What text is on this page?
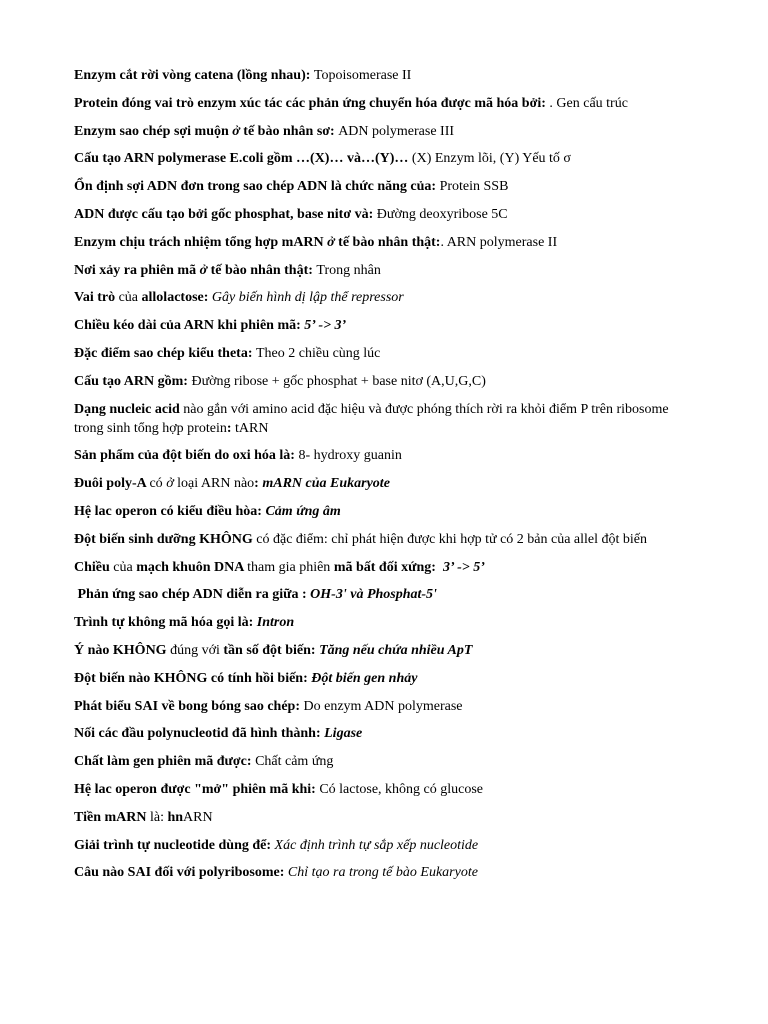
Enzym cắt rời vòng catena (lồng nhau): Topoisomerase II

Protein đóng vai trò enzym xúc tác các phản ứng chuyển hóa được mã hóa bởi: . Gen cấu trúc

Enzym sao chép sợi muộn ở tế bào nhân sơ: ADN polymerase III

Cấu tạo ARN polymerase E.coli gồm …(X)… và…(Y)… (X) Enzym lõi, (Y) Yếu tố σ

Ổn định sợi ADN đơn trong sao chép ADN là chức năng của: Protein SSB

ADN được cấu tạo bởi gốc phosphat, base nitơ và: Đường deoxyribose 5C

Enzym chịu trách nhiệm tổng hợp mARN ở tế bào nhân thật:. ARN polymerase II

Nơi xảy ra phiên mã ở tế bào nhân thật: Trong nhân

Vai trò của allolactose: Gây biến hình dị lập thể repressor

Chiều kéo dài của ARN khi phiên mã: 5’ -> 3’

Đặc điểm sao chép kiểu theta: Theo 2 chiều cùng lúc

Cấu tạo ARN gồm: Đường ribose + gốc phosphat + base nitơ (A,U,G,C)

Dạng nucleic acid nào gắn với amino acid đặc hiệu và được phóng thích rời ra khỏi điểm P trên ribosome trong sinh tổng hợp protein: tARN

Sản phẩm của đột biến do oxi hóa là: 8- hydroxy guanin

Đuôi poly-A có ở loại ARN nào: mARN của Eukaryote

Hệ lac operon có kiểu điều hòa: Cảm ứng âm

Đột biến sinh dưỡng KHÔNG có đặc điểm: chỉ phát hiện được khi hợp tử có 2 bản của allel đột biến

Chiều của mạch khuôn DNA tham gia phiên mã bất đối xứng:  3’ -> 5’

Phản ứng sao chép ADN diễn ra giữa : OH-3' và Phosphat-5'

Trình tự không mã hóa gọi là: Intron

Ý nào KHÔNG đúng với tần số đột biến: Tăng nếu chứa nhiều ApT

Đột biến nào KHÔNG có tính hồi biến: Đột biến gen nhảy

Phát biểu SAI về bong bóng sao chép: Do enzym ADN polymerase

Nối các đầu polynucleotid đã hình thành: Ligase

Chất làm gen phiên mã được: Chất cảm ứng

Hệ lac operon được "mở" phiên mã khi: Có lactose, không có glucose

Tiền mARN là: hnARN

Giải trình tự nucleotide dùng để: Xác định trình tự sắp xếp nucleotide

Câu nào SAI đối với polyribosome: Chỉ tạo ra trong tế bào Eukaryote
